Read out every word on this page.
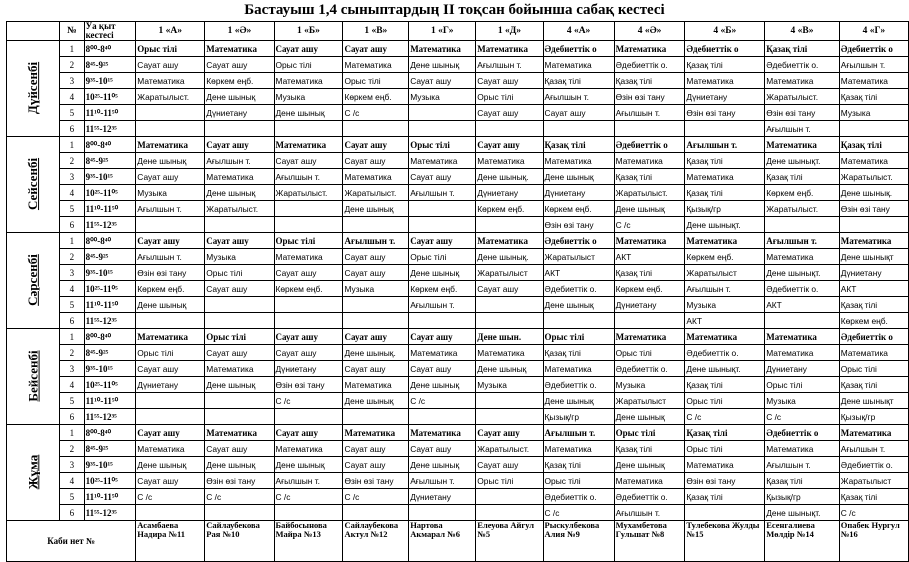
Бастауыш 1,4 сыныптардың II тоқсан бойынша сабақ кестесі
	№	Уа қыт кестесі	1 «А»	1 «Ә»	1 «Б»	1 «В»	1 «Г»	1 «Д»	4 «А»	4 «Ә»	4 «Б»	4 «В»	4 «Г»
Дүйсенбі	1	8⁰⁰-8⁴⁰	Орыс тілі	Математика	Сауат ашу	Сауат ашу	Математика	Математика	Әдебиеттік о	Математика	Әдебиеттік о	Қазақ тілі	Әдебиеттік о
	2	8⁴⁵-9²⁵	Сауат ашу	Сауат ашу	Орыс тілі	Математика	Дене шынық	Ағылшын т.	Математика	Әдебиеттік о.	Қазақ тілі	Әдебиеттік о.	Ағылшын т.
	3	9³⁵-10¹⁵	Математика	Көркем еңб.	Математика	Орыс тілі	Сауат ашу	Сауат ашу	Қазақ тілі	Қазақ тілі	Математика	Математика	Математика
	4	10²⁵-11⁰⁵	Жаратылыст.	Дене шынық	Музыка	Көркем еңб.	Музыка	Орыс тілі	Ағылшын т.	Өзін өзі тану	Дүниетану	Жаратылыст.	Қазақ тілі
	5	11¹⁰-11⁵⁰		Дүниетану	Дене шынық	С /с		Сауат ашу	Сауат ашу	Ағылшын т.	Өзін өзі тану	Өзін өзі тану	Музыка
	6	11⁵⁵-12³⁵										Ағылшын т.	
Сейсенбі	1	8⁰⁰-8⁴⁰	Математика	Сауат ашу	Математика	Сауат ашу	Орыс тілі	Сауат ашу	Қазақ тілі	Әдебиеттік о	Ағылшын т.	Математика	Қазақ тілі
	2	8⁴⁵-9²⁵	Дене шынық	Ағылшын т.	Сауат ашу	Сауат ашу	Математика	Математика	Математика	Математика	Қазақ тілі	Дене шынықт.	Математика
	3	9³⁵-10¹⁵	Сауат ашу	Математика	Ағылшын т.	Математика	Сауат ашу	Дене шынық.	Дене шынық	Қазақ тілі	Математика	Қазақ тілі	Жаратылыст.
	4	10²⁵-11⁰⁵	Музыка	Дене шынық	Жаратылыст.	Жаратылыст.	Ағылшын т.	Дүниетану	Дүниетану	Жаратылыст.	Қазақ тілі	Көркем еңб.	Дене шынық.
	5	11¹⁰-11⁵⁰	Ағылшын т.	Жаратылыст.		Дене шынық		Көркем еңб.	Көркем еңб.	Дене шынық	Қызық/гр	Жаратылыст.	Өзін өзі тану
	6	11⁵⁵-12³⁵							Өзін өзі тану	С /с	Дене шынықт.		
Сәрсенбі	1	8⁰⁰-8⁴⁰	Сауат ашу	Сауат ашу	Орыс тілі	Ағылшын т.	Сауат ашу	Математика	Әдебиеттік о	Математика	Математика	Ағылшын т.	Математика
	2	8⁴⁵-9²⁵	Ағылшын т.	Музыка	Математика	Сауат ашу	Орыс тілі	Дене шынық.	Жаратылыст	АКТ	Көркем еңб.	Математика	Дене шынықт
	3	9³⁵-10¹⁵	Өзін өзі тану	Орыс тілі	Сауат ашу	Сауат ашу	Дене шынық	Жаратылыст	АКТ	Қазақ тілі	Жаратылыст	Дене шынықт.	Дүниетану
	4	10²⁵-11⁰⁵	Көркем еңб.	Сауат ашу	Көркем еңб.	Музыка	Көркем еңб.	Сауат ашу	Әдебиеттік о.	Көркем еңб.	Ағылшын т.	Әдебиеттік о.	АКТ
	5	11¹⁰-11⁵⁰	Дене шынық				Ағылшын т.		Дене шынық	Дүниетану	Музыка	АКТ	Қазақ тілі
	6	11⁵⁵-12³⁵									АКТ		Көркем еңб.
Бейсенбі	1	8⁰⁰-8⁴⁰	Математика	Орыс тілі	Сауат ашу	Сауат ашу	Сауат ашу	Дене шын.	Орыс тілі	Математика	Математика	Математика	Әдебиеттік о
	2	8⁴⁵-9²⁵	Орыс тілі	Сауат ашу	Сауат ашу	Дене шынық.	Математика	Математика	Қазақ тілі	Орыс тілі	Әдебиеттік о.	Математика	Математика
	3	9³⁵-10¹⁵	Сауат ашу	Математика	Дүниетану	Сауат ашу	Сауат ашу	Дене шынық	Математика	Әдебиеттік о.	Дене шынықт.	Дүниетану	Орыс тілі
	4	10²⁵-11⁰⁵	Дүниетану	Дене шынық	Өзін өзі тану	Математика	Дене шынық	Музыка	Әдебиеттік о.	Музыка	Қазақ тілі	Орыс тілі	Қазақ тілі
	5	11¹⁰-11⁵⁰			С /с	Дене шынық	С /с		Дене шынық	Жаратылыст	Орыс тілі	Музыка	Дене шынықт
	6	11⁵⁵-12³⁵							Қызық/гр	Дене шынық	С /с	С /с	Қызық/гр
Жұма	1	8⁰⁰-8⁴⁰	Сауат ашу	Математика	Сауат ашу	Математика	Математика	Сауат ашу	Ағылшын т.	Орыс тілі	Қазақ тілі	Әдебиеттік о	Математика
	2	8⁴⁵-9²⁵	Математика	Сауат ашу	Математика	Сауат ашу	Сауат ашу	Жаратылыст.	Математика	Қазақ тілі	Орыс тілі	Математика	Ағылшын т.
	3	9³⁵-10¹⁵	Дене шынық	Дене шынық	Дене шынық	Сауат ашу	Дене шынық	Сауат ашу	Қазақ тілі	Дене шынық	Математика	Ағылшын т.	Әдебиеттік о.
	4	10²⁵-11⁰⁵	Сауат ашу	Өзін өзі тану	Ағылшын т.	Өзін өзі тану	Ағылшын т.	Орыс тілі	Орыс тілі	Математика	Өзін өзі тану	Қазақ тілі	Жаратылыст
	5	11¹⁰-11⁵⁰	С /с	С /с	С /с	С /с	Дүниетану		Әдебиеттік о.	Әдебиеттік о.	Қазақ тілі	Қызық/гр	Қазақ тілі
	6	11⁵⁵-12³⁵							С /с	Ағылшын т.		Дене шынықт.	С /с
Каби нет №			Асамбаева Надира №11	Сайлаубекова Рая №10	Байбосынова Майра №13	Сайлаубекова Актул №12	Нартова Акмарал №6	Елеуова Айгул №5	Рыскулбекова Алия №9	Мухамбетова Гульшат №8	Тулебекова Жулды №15	Есенгалиева Мөлдір №14	Опабек Нургул №16
